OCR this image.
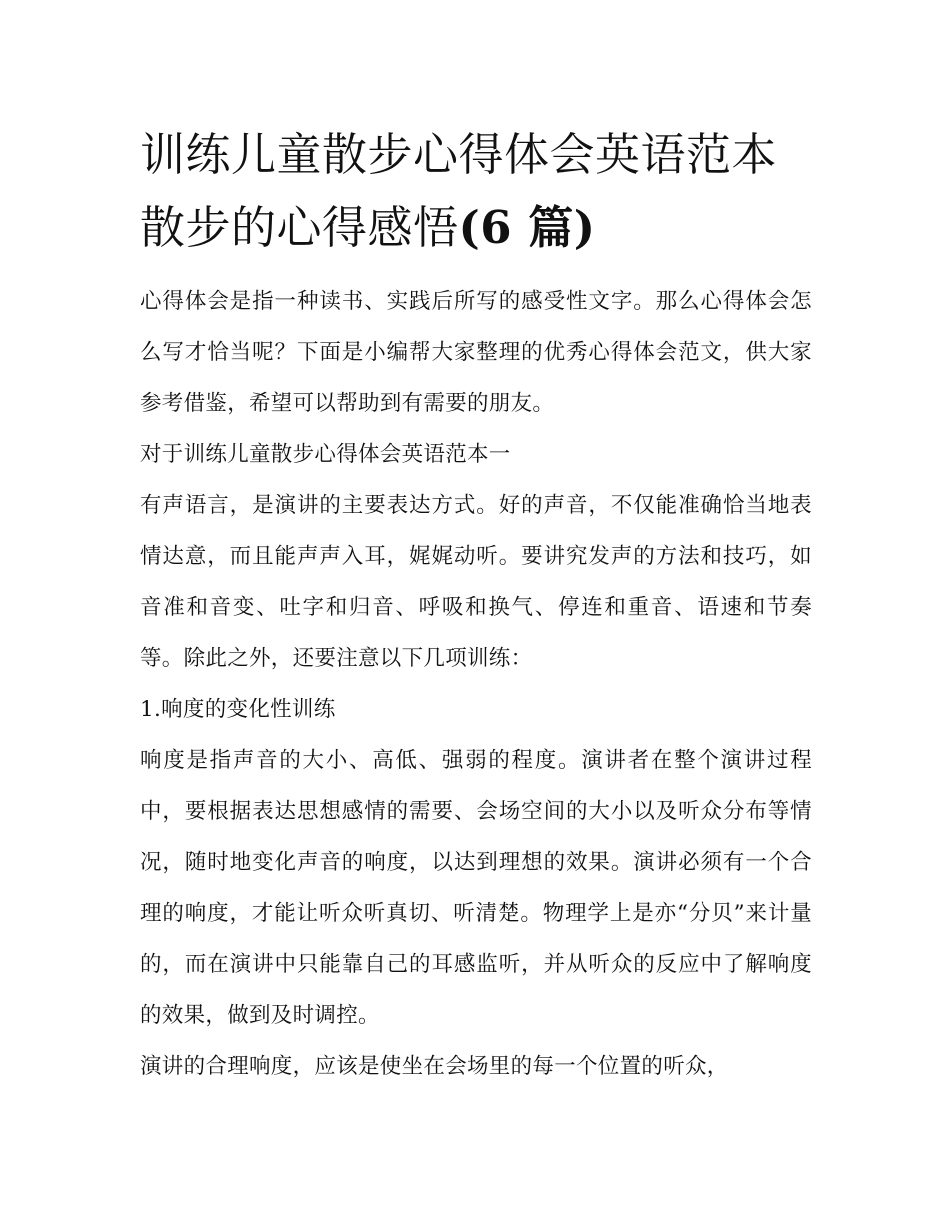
训练儿童散步心得体会英语范本 散步的心得感悟(6 篇)

心得体会是指一种读书、实践后所写的感受性文字。那么心得体会怎么写才恰当呢？下面是小编帮大家整理的优秀心得体会范文，供大家参考借鉴，希望可以帮助到有需要的朋友。

对于训练儿童散步心得体会英语范本一

有声语言，是演讲的主要表达方式。好的声音，不仅能准确恰当地表情达意，而且能声声入耳，娓娓动听。要讲究发声的方法和技巧，如音准和音变、吐字和归音、呼吸和换气、停连和重音、语速和节奏等。除此之外，还要注意以下几项训练：

1.响度的变化性训练

响度是指声音的大小、高低、强弱的程度。演讲者在整个演讲过程中，要根据表达思想感情的需要、会场空间的大小以及听众分布等情况，随时地变化声音的响度，以达到理想的效果。演讲必须有一个合理的响度，才能让听众听真切、听清楚。物理学上是亦“分贝”来计量的，而在演讲中只能靠自己的耳感监听，并从听众的反应中了解响度的效果，做到及时调控。

演讲的合理响度，应该是使坐在会场里的每一个位置的听众，
